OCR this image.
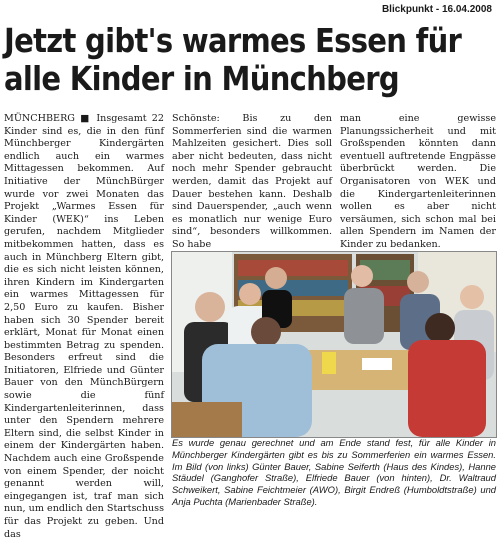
Blickpunkt - 16.04.2008
Jetzt gibt's warmes Essen für
alle Kinder in Münchberg
MÜNCHBERG ■ Insgesamt 22 Kinder sind es, die in den fünf Münchberger Kindergärten endlich auch ein warmes Mittagessen bekommen. Auf Initiative der MünchBürger wurde vor zwei Monaten das Projekt „Warmes Essen für Kinder (WEK)“ ins Leben gerufen, nachdem Mitglieder mitbekommen hatten, dass es auch in Münchberg Eltern gibt, die es sich nicht leisten können, ihren Kindern im Kindergarten ein warmes Mittagessen für 2,50 Euro zu kaufen. Bisher haben sich 30 Spender bereit erklärt, Monat für Monat einen bestimmten Betrag zu spenden. Besonders erfreut sind die Initiatoren, Elfriede und Günter Bauer von den MünchBürgern sowie die fünf Kindergartenleiterinnen, dass unter den Spendern mehrere Eltern sind, die selbst Kinder in einem der Kindergärten haben. Nachdem auch eine Großspende von einem Spender, der noicht genannt werden will, eingegangen ist, traf man sich nun, um endlich den Startschuss für das Projekt zu geben. Und das
Schönste: Bis zu den Sommerferien sind die warmen Mahlzeiten gesichert. Dies soll aber nicht bedeuten, dass nicht noch mehr Spender gebraucht werden, damit das Projekt auf Dauer bestehen kann. Deshalb sind Dauerspender, „auch wenn es monatlich nur wenige Euro sind“, besonders willkommen. So habe
man eine gewisse Planungssicherheit und mit Großspenden könnten dann eventuell auftretende Engpässe überbrückt werden. Die Organisatoren von WEK und die Kindergartenleiterinnen wollen es aber nicht versäumen, sich schon mal bei allen Spendern im Namen der Kinder zu bedanken.
Es wurde genau gerechnet und am Ende stand fest, für alle Kinder in Münchberger Kindergärten gibt es bis zu Sommerferien ein warmes Essen. Im Bild (von links) Günter Bauer, Sabine Seiferth (Haus des Kindes), Hanne Stäudel (Ganghofer Straße), Elfriede Bauer (von hinten), Dr. Waltraud Schweikert, Sabine Feichtmeier (AWO), Birgit Endreß (Humboldtstraße) und Anja Puchta (Marienbader Straße).
